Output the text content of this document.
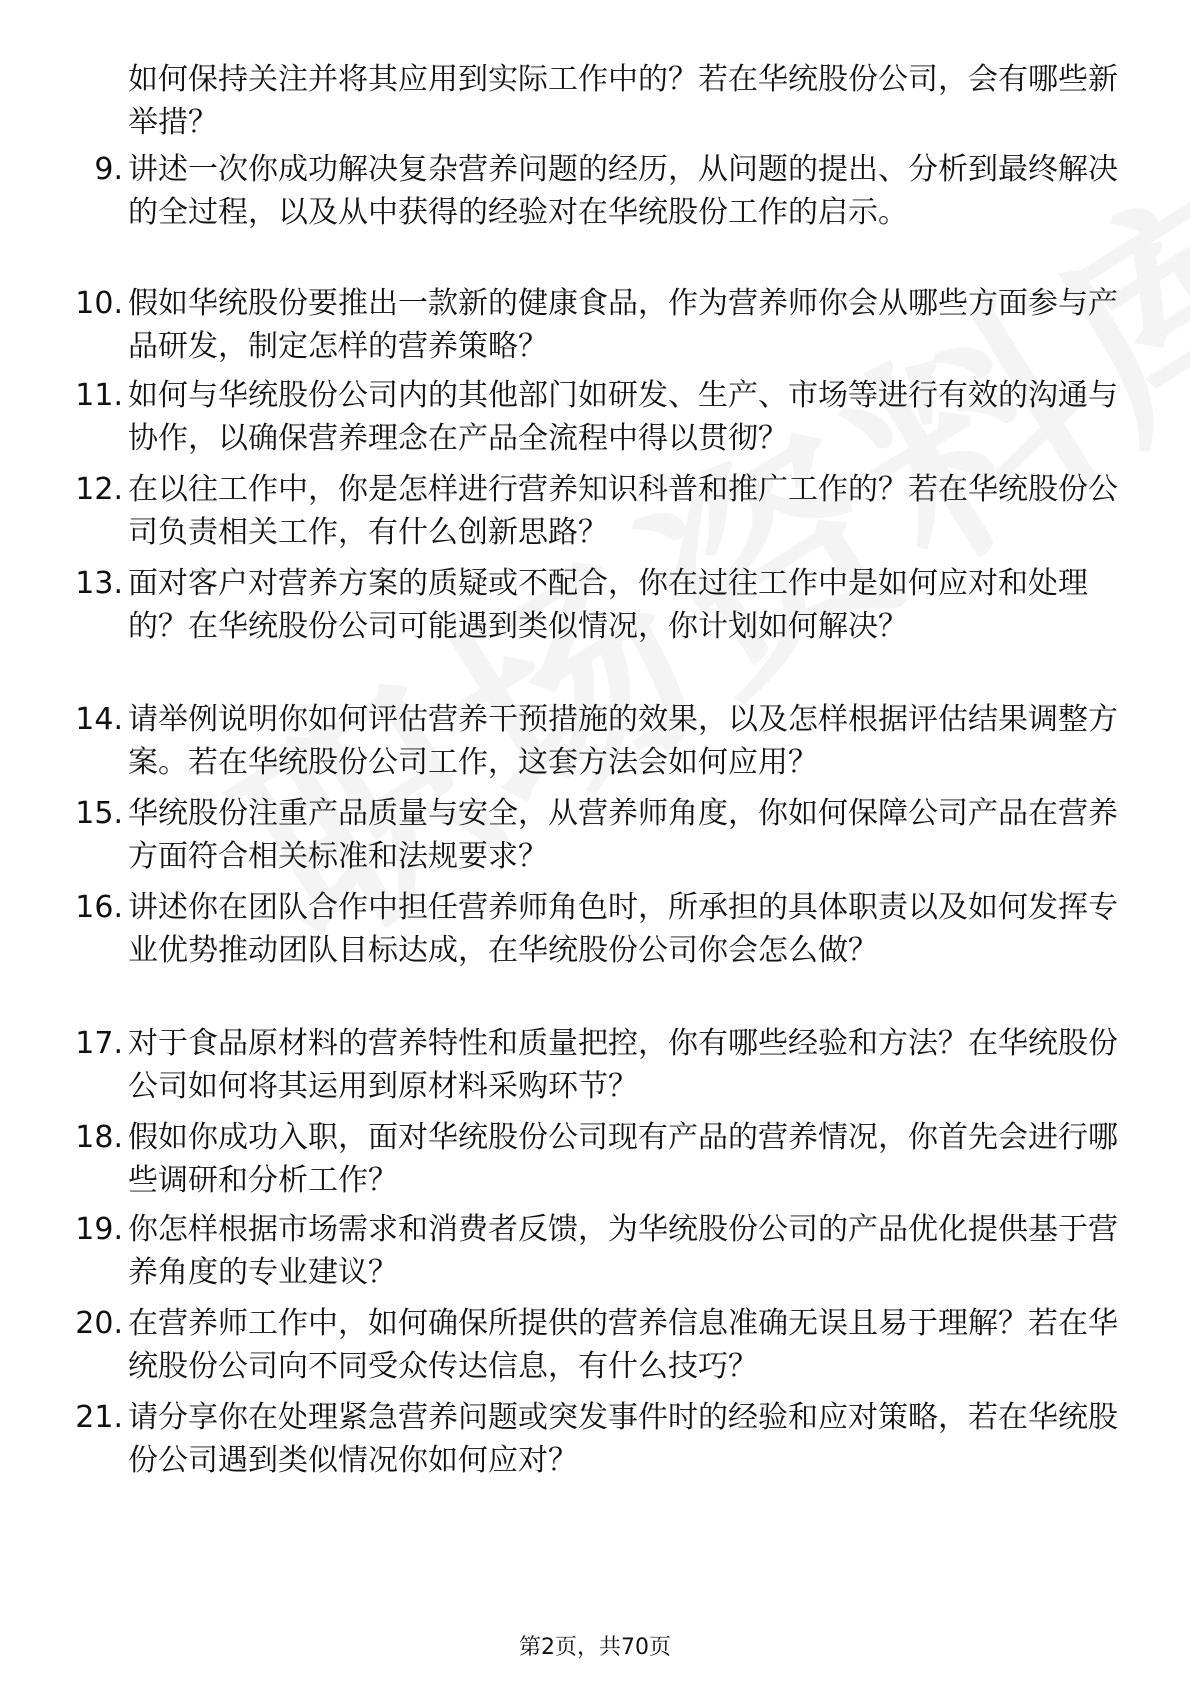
如何保持关注并将其应用到实际工作中的？若在华统股份公司，会有哪些新举措？
9. 讲述一次你成功解决复杂营养问题的经历，从问题的提出、分析到最终解决的全过程，以及从中获得的经验对在华统股份工作的启示。
10. 假如华统股份要推出一款新的健康食品，作为营养师你会从哪些方面参与产品研发，制定怎样的营养策略？
11. 如何与华统股份公司内的其他部门如研发、生产、市场等进行有效的沟通与协作，以确保营养理念在产品全流程中得以贯彻？
12. 在以往工作中，你是怎样进行营养知识科普和推广工作的？若在华统股份公司负责相关工作，有什么创新思路？
13. 面对客户对营养方案的质疑或不配合，你在过往工作中是如何应对和处理的？在华统股份公司可能遇到类似情况，你计划如何解决？
14. 请举例说明你如何评估营养干预措施的效果，以及怎样根据评估结果调整方案。若在华统股份公司工作，这套方法会如何应用？
15. 华统股份注重产品质量与安全，从营养师角度，你如何保障公司产品在营养方面符合相关标准和法规要求？
16. 讲述你在团队合作中担任营养师角色时，所承担的具体职责以及如何发挥专业优势推动团队目标达成，在华统股份公司你会怎么做？
17. 对于食品原材料的营养特性和质量把控，你有哪些经验和方法？在华统股份公司如何将其运用到原材料采购环节？
18. 假如你成功入职，面对华统股份公司现有产品的营养情况，你首先会进行哪些调研和分析工作？
19. 你怎样根据市场需求和消费者反馈，为华统股份公司的产品优化提供基于营养角度的专业建议？
20. 在营养师工作中，如何确保所提供的营养信息准确无误且易于理解？若在华统股份公司向不同受众传达信息，有什么技巧？
21. 请分享你在处理紧急营养问题或突发事件时的经验和应对策略，若在华统股份公司遇到类似情况你如何应对？
第2页，共70页
